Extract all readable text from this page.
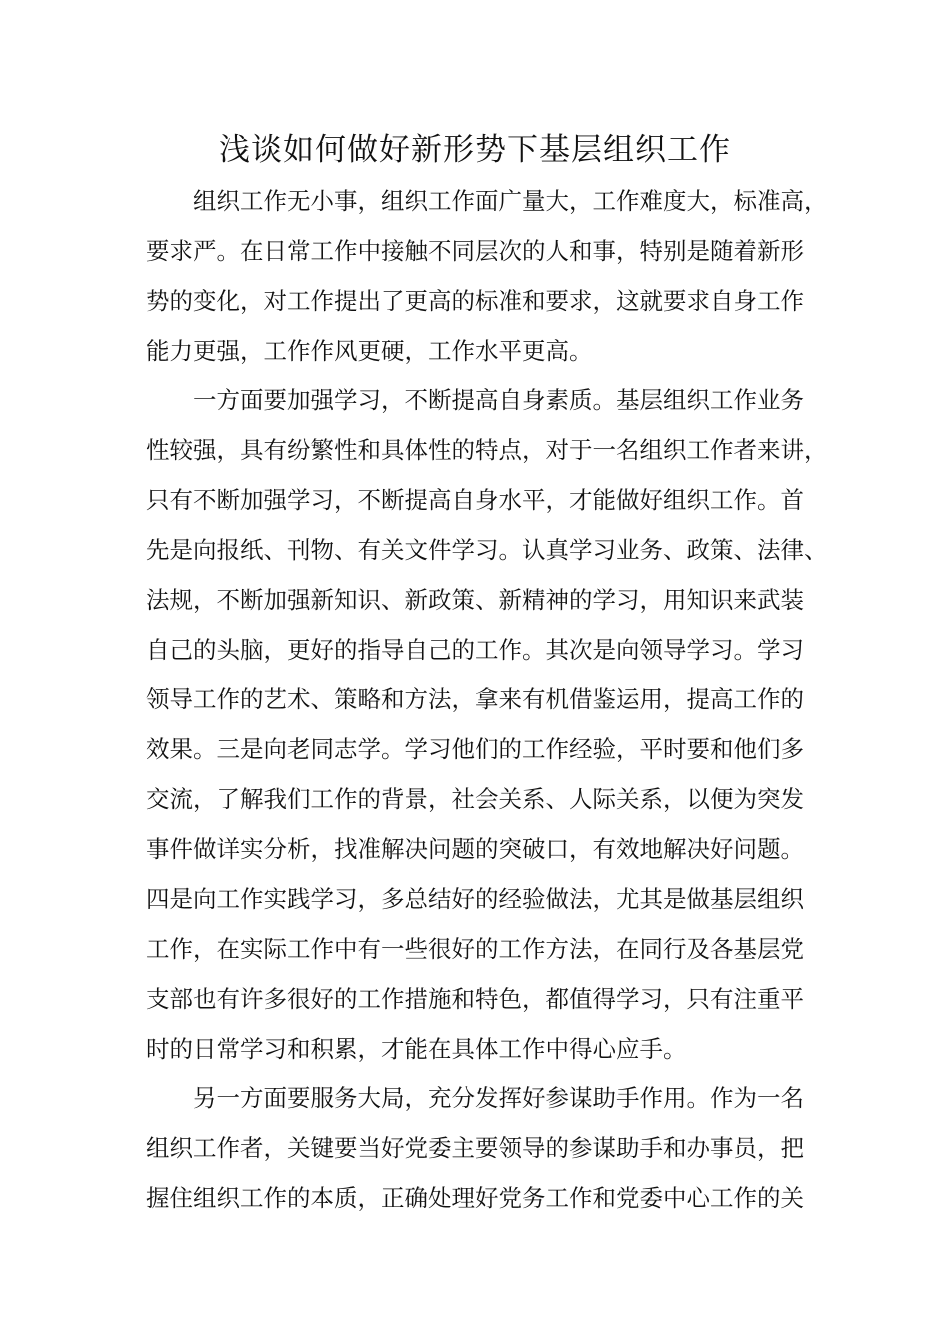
浅谈如何做好新形势下基层组织工作

组织工作无小事，组织工作面广量大，工作难度大，标准高，

要求严。在日常工作中接触不同层次的人和事，特别是随着新形

势的变化，对工作提出了更高的标准和要求，这就要求自身工作

能力更强，工作作风更硬，工作水平更高。

一方面要加强学习，不断提高自身素质。基层组织工作业务

性较强，具有纷繁性和具体性的特点，对于一名组织工作者来讲，

只有不断加强学习，不断提高自身水平，才能做好组织工作。首

先是向报纸、刊物、有关文件学习。认真学习业务、政策、法律、

法规，不断加强新知识、新政策、新精神的学习，用知识来武装

自己的头脑，更好的指导自己的工作。其次是向领导学习。学习

领导工作的艺术、策略和方法，拿来有机借鉴运用，提高工作的

效果。三是向老同志学。学习他们的工作经验，平时要和他们多

交流，了解我们工作的背景，社会关系、人际关系，以便为突发

事件做详实分析，找准解决问题的突破口，有效地解决好问题。

四是向工作实践学习，多总结好的经验做法，尤其是做基层组织

工作，在实际工作中有一些很好的工作方法，在同行及各基层党

支部也有许多很好的工作措施和特色，都值得学习，只有注重平

时的日常学习和积累，才能在具体工作中得心应手。

另一方面要服务大局，充分发挥好参谋助手作用。作为一名

组织工作者，关键要当好党委主要领导的参谋助手和办事员，把

握住组织工作的本质，正确处理好党务工作和党委中心工作的关
